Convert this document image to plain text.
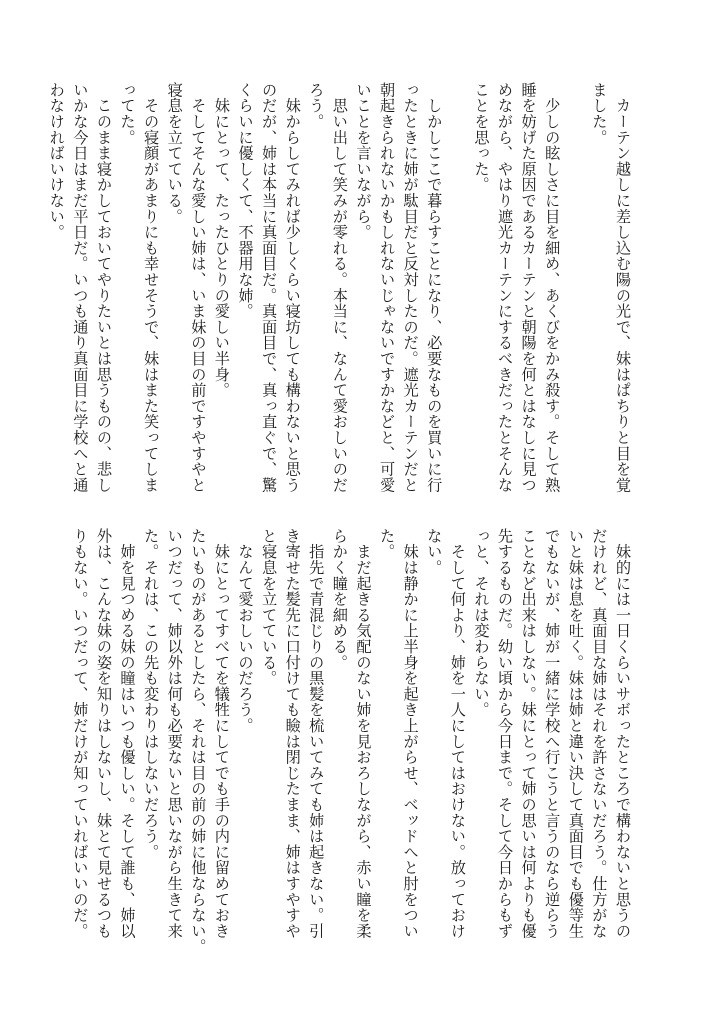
　カーテン越しに差し込む陽の光で、妹はぱちりと目を覚
ました。

　少しの眩しさに目を細め、あくびをかみ殺す。そして熟
睡を妨げた原因であるカーテンと朝陽を何とはなしに見つ
めながら、やはり遮光カーテンにするべきだったとそんな
ことを思った。

　しかしここで暮らすことになり、必要なものを買いに行
ったときに姉が駄目だと反対したのだ。遮光カーテンだと
朝起きられないかもしれないじゃないですかなどと、可愛
いことを言いながら。
　思い出して笑みが零れる。本当に、なんて愛おしいのだ
ろう。
　妹からしてみれば少しくらい寝坊しても構わないと思う
のだが、姉は本当に真面目だ。真面目で、真っ直ぐで、驚
くらいに優しくて、不器用な姉。
　妹にとって、たったひとりの愛しい半身。
　そしてそんな愛しい姉は、いま妹の目の前ですやすやと
寝息を立てている。
　その寝顔があまりにも幸せそうで、妹はまた笑ってしま
ってた。
　このまま寝かしておいてやりたいとは思うものの、悲し
いかな今日はまだ平日だ。いつも通り真面目に学校へと通
わなければいけない。
　妹的には一日くらいサボったところで構わないと思うの
だけれど、真面目な姉はそれを許さないだろう。仕方がな
いと妹は息を吐く。妹は姉と違い決して真面目でも優等生
でもないが、姉が一緒に学校へ行こうと言うのなら逆らう
ことなど出来はしない。妹にとって姉の思いは何よりも優
先するものだ。幼い頃から今日まで。そして今日からもず
っと、それは変わらない。
　そして何より、姉を一人にしてはおけない。放っておけ
ない。
　妹は静かに上半身を起き上がらせ、ベッドへと肘をつい
た。
　まだ起きる気配のない姉を見おろしながら、赤い瞳を柔
らかく瞳を細める。
　指先で青混じりの黒髪を梳いてみても姉は起きない。引
き寄せた髪先に口付けても瞼は閉じたまま、姉はすやすや
と寝息を立てている。
　なんて愛おしいのだろう。
　妹にとってすべてを犠牲にしてでも手の内に留めておき
たいものがあるとしたら、それは目の前の姉に他ならない。
いつだって、姉以外は何も必要ないと思いながら生きて来
た。それは、この先も変わりはしないだろう。
　姉を見つめる妹の瞳はいつも優しい。そして誰も、姉以
外は、こんな妹の姿を知りはしないし、妹とて見せるつも
りもない。いつだって、姉だけが知っていればいいのだ。
